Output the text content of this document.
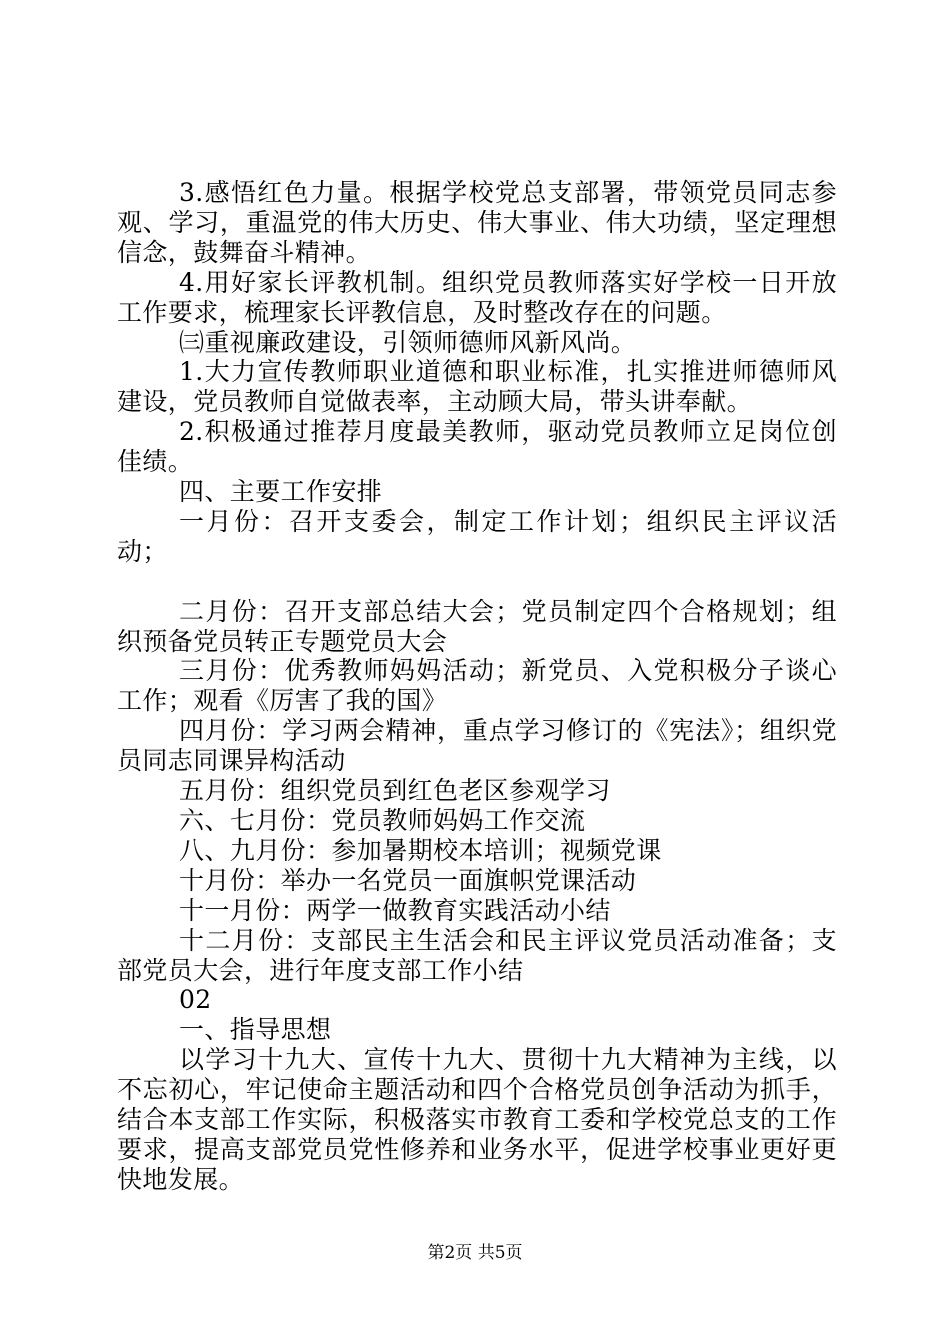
3.感悟红色力量。根据学校党总支部署，带领党员同志参观、学习，重温党的伟大历史、伟大事业、伟大功绩，坚定理想信念，鼓舞奋斗精神。

4.用好家长评教机制。组织党员教师落实好学校一日开放工作要求，梳理家长评教信息，及时整改存在的问题。

㈢重视廉政建设，引领师德师风新风尚。

1.大力宣传教师职业道德和职业标准，扎实推进师德师风建设，党员教师自觉做表率，主动顾大局，带头讲奉献。

2.积极通过推荐月度最美教师，驱动党员教师立足岗位创佳绩。

四、主要工作安排

一月份：召开支委会，制定工作计划；组织民主评议活动；

二月份：召开支部总结大会；党员制定四个合格规划；组织预备党员转正专题党员大会

三月份：优秀教师妈妈活动；新党员、入党积极分子谈心工作；观看《厉害了我的国》

四月份：学习两会精神，重点学习修订的《宪法》；组织党员同志同课异构活动

五月份：组织党员到红色老区参观学习

六、七月份：党员教师妈妈工作交流

八、九月份：参加暑期校本培训；视频党课

十月份：举办一名党员一面旗帜党课活动

十一月份：两学一做教育实践活动小结

十二月份：支部民主生活会和民主评议党员活动准备；支部党员大会，进行年度支部工作小结

02

一、指导思想

以学习十九大、宣传十九大、贯彻十九大精神为主线，以不忘初心，牢记使命主题活动和四个合格党员创争活动为抓手，结合本支部工作实际，积极落实市教育工委和学校党总支的工作要求，提高支部党员党性修养和业务水平，促进学校事业更好更快地发展。

第2页 共5页
